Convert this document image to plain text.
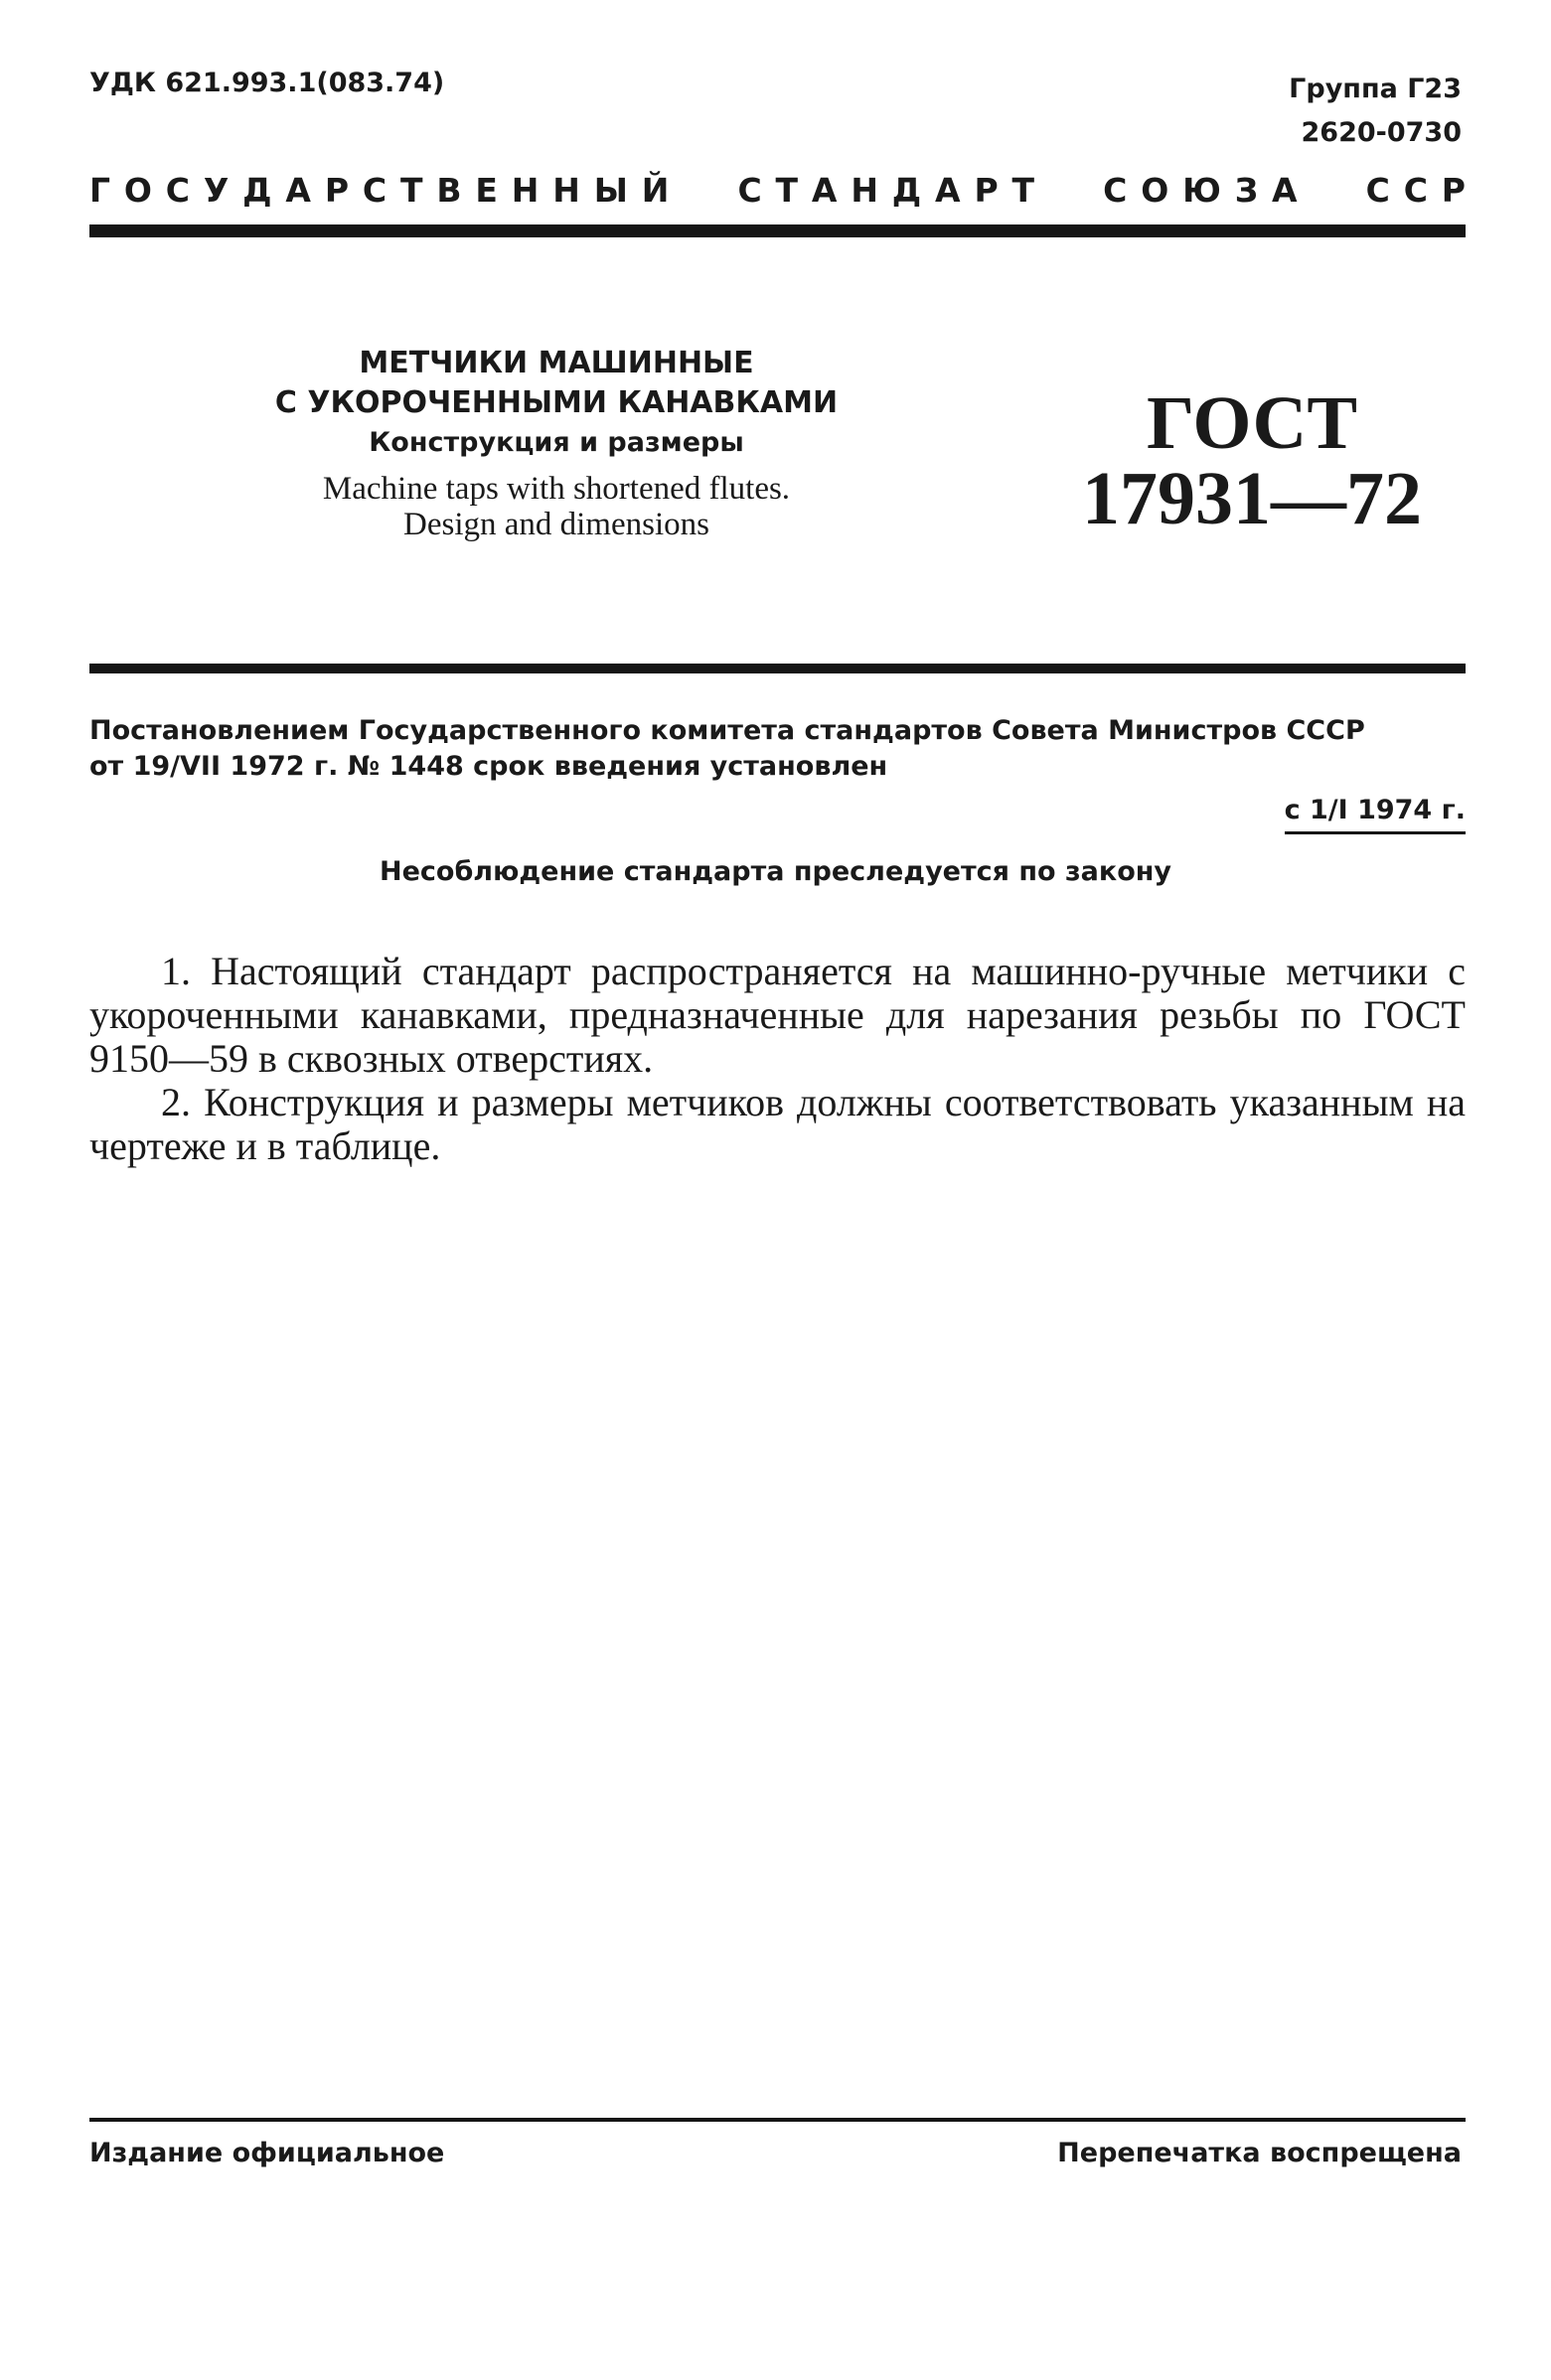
УДК 621.993.1(083.74)	Группа Г23
2620-0730
ГОСУДАРСТВЕННЫЙ СТАНДАРТ СОЮЗА ССР
МЕТЧИКИ МАШИННЫЕ
С УКОРОЧЕННЫМИ КАНАВКАМИ
Конструкция и размеры
Machine taps with shortened flutes.
Design and dimensions
ГОСТ
17931—72
Постановлением Государственного комитета стандартов Совета Министров СССР
от 19/VII 1972 г. № 1448 срок введения установлен
с 1/I 1974 г.
Несоблюдение стандарта преследуется по закону

1. Настоящий стандарт распространяется на машинно-ручные метчики с укороченными канавками, предназначенные для нарезания резьбы по ГОСТ 9150—59 в сквозных отверстиях.

2. Конструкция и размеры метчиков должны соответствовать указанным на чертеже и в таблице.

Издание официальное	Перепечатка воспрещена
